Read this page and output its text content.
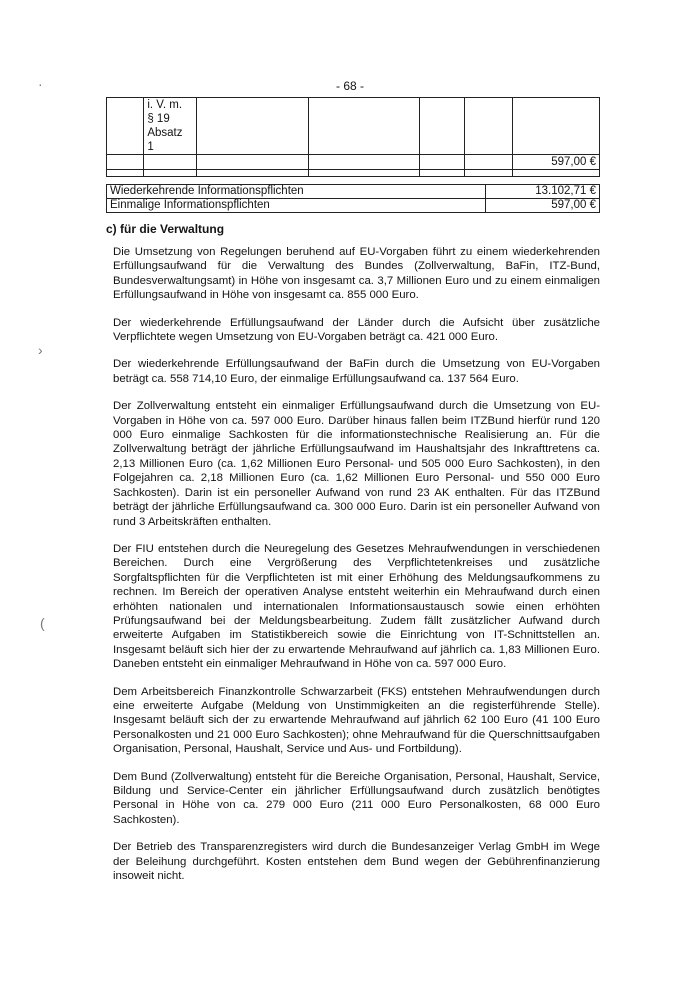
- 68 -

	i. V. m.
§ 19
Absatz
1					

						597,00 €

Wiederkehrende Informationspflichten	13.102,71 €
Einmalige Informationspflichten	597,00 €
c) für die Verwaltung

Die Umsetzung von Regelungen beruhend auf EU-Vorgaben führt zu einem wiederkehrenden Erfüllungsaufwand für die Verwaltung des Bundes (Zollverwaltung, BaFin, ITZ-Bund, Bundesverwaltungsamt) in Höhe von insgesamt ca. 3,7 Millionen Euro und zu einem einmaligen Erfüllungsaufwand in Höhe von insgesamt ca. 855 000 Euro.

Der wiederkehrende Erfüllungsaufwand der Länder durch die Aufsicht über zusätzliche Verpflichtete wegen Umsetzung von EU-Vorgaben beträgt ca. 421 000 Euro.

Der wiederkehrende Erfüllungsaufwand der BaFin durch die Umsetzung von EU-Vorgaben beträgt ca. 558 714,10 Euro, der einmalige Erfüllungsaufwand ca. 137 564 Euro.

Der Zollverwaltung entsteht ein einmaliger Erfüllungsaufwand durch die Umsetzung von EU-Vorgaben in Höhe von ca. 597 000 Euro. Darüber hinaus fallen beim ITZBund hierfür rund 120 000 Euro einmalige Sachkosten für die informationstechnische Realisierung an. Für die Zollverwaltung beträgt der jährliche Erfüllungsaufwand im Haushaltsjahr des Inkrafttretens ca. 2,13 Millionen Euro (ca. 1,62 Millionen Euro Personal- und 505 000 Euro Sachkosten), in den Folgejahren ca. 2,18 Millionen Euro (ca. 1,62 Millionen Euro Personal- und 550 000 Euro Sachkosten). Darin ist ein personeller Aufwand von rund 23 AK enthalten. Für das ITZBund beträgt der jährliche Erfüllungsaufwand ca. 300 000 Euro. Darin ist ein personeller Aufwand von rund 3 Arbeitskräften enthalten.

Der FIU entstehen durch die Neuregelung des Gesetzes Mehraufwendungen in verschiedenen Bereichen. Durch eine Vergrößerung des Verpflichtetenkreises und zusätzliche Sorgfaltspflichten für die Verpflichteten ist mit einer Erhöhung des Meldungsaufkommens zu rechnen. Im Bereich der operativen Analyse entsteht weiterhin ein Mehraufwand durch einen erhöhten nationalen und internationalen Informationsaustausch sowie einen erhöhten Prüfungsaufwand bei der Meldungsbearbeitung. Zudem fällt zusätzlicher Aufwand durch erweiterte Aufgaben im Statistikbereich sowie die Einrichtung von IT-Schnittstellen an. Insgesamt beläuft sich hier der zu erwartende Mehraufwand auf jährlich ca. 1,83 Millionen Euro. Daneben entsteht ein einmaliger Mehraufwand in Höhe von ca. 597 000 Euro.

Dem Arbeitsbereich Finanzkontrolle Schwarzarbeit (FKS) entstehen Mehraufwendungen durch eine erweiterte Aufgabe (Meldung von Unstimmigkeiten an die registerführende Stelle). Insgesamt beläuft sich der zu erwartende Mehraufwand auf jährlich 62 100 Euro (41 100 Euro Personalkosten und 21 000 Euro Sachkosten); ohne Mehraufwand für die Querschnittsaufgaben Organisation, Personal, Haushalt, Service und Aus- und Fortbildung).

Dem Bund (Zollverwaltung) entsteht für die Bereiche Organisation, Personal, Haushalt, Service, Bildung und Service-Center ein jährlicher Erfüllungsaufwand durch zusätzlich benötigtes Personal in Höhe von ca. 279 000 Euro (211 000 Euro Personalkosten, 68 000 Euro Sachkosten).

Der Betrieb des Transparenzregisters wird durch die Bundesanzeiger Verlag GmbH im Wege der Beleihung durchgeführt. Kosten entstehen dem Bund wegen der Gebührenfinanzierung insoweit nicht.

·
›
(
